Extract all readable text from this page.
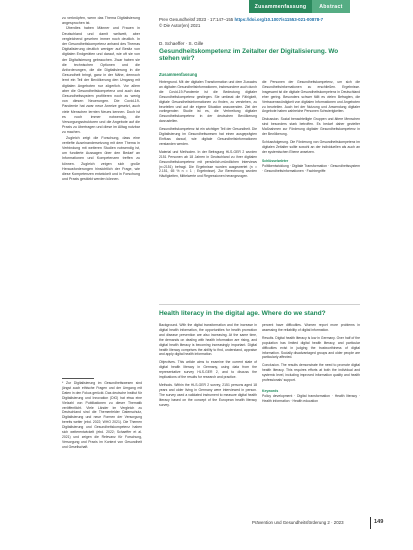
zu verknüpfen, wenn das Thema Digitalisierung angesprochen ist.

Überdies haben Männer und Frauen in Deutschland und damit weltweit, aber vergleichend gesehen immer noch deutlich. In der Gesundheitskompetenz anhand des Themas Digitalisierung deutlich weniger auf Besitz von digitalen Endgeräten und darauf, wie oft sie von der Digitalisierung gebrauchen. Zwar haben sie die technischen Optionen und die Anforderungen, die die Digitalisierung in die Gesundheit bringt, ganz in der Nähe, dennoch lernt ein Teil der Bevölkerung den Umgang mit digitalen Angeboten nur zögerlich. Vor allem aber die Gesundheitskompetenz und auch das Gesundheitssystem profitieren noch zu wenig von diesen Neuerungen. Die Covid-19-Pandemie hat zwar neue Anreize gesetzt, auch viele Menschen lernten Neues kennen. Doch ist es noch immer notwendig, die Versorgungsstrukturen und die Angebote auf die Praxis zu übertragen und diese im Alltag nutzbar zu machen.

Zugleich zeigt die Forschung, dass eine vertiefte Auseinandersetzung mit dem Thema in Verbindung mit weiteren Studien notwendig ist, um fundierte Aussagen über den Bedarf an Informationen und Kompetenzen treffen zu können. Zugleich zeigen sich große Herausforderungen hinsichtlich der Frage, wie diese Kompetenzen entwickelt und in Forschung und Praxis gestärkt werden können.

* Zur Digitalisierung im Gesundheitswesen sind jüngst auch ethische Fragen und der Umgang mit Daten in den Fokus gerückt. Das deutsche Institut für Digitalisierung und Innovation (DIG) hat etwa eine Vielzahl von Publikationen zu dieser Thematik veröffentlicht. Viele Länder im Vergleich zu Deutschland sind die Themenfelder Datenschutz, Digitalisierung und neue Formen der Versorgung bereits weiter (ebd. 2022; WHO 2021). Die Themen Digitalisierung und Gesundheitskompetenz haben sich weiterentwickelt (ebd. 2022; Schaeffer et al. 2021) und zeigen die Relevanz für Forschung, Versorgung und Praxis im Kontext von Gesundheit und Gesellschaft.
Zusammenfassung	Abstract
Prev Gesundheitsf 2023 · 17:147–155 https://doi.org/10.1007/s11553-021-00878-7
© Die Autor(en) 2021
D. Schaeffer · S. Gille
Gesundheitskompetenz im Zeitalter der Digitalisierung. Wo stehen wir?
Zusammenfassung

Hintergrund. Mit der digitalen Transformation und dem Zuwachs an digitalen Gesundheitsinformationen, insbesondere auch durch die Covid-19-Pandemie ist die Bedeutung digitaler Gesundheitskompetenz gestiegen. Sie umfasst die Fähigkeit, digitale Gesundheitsinformationen zu finden, zu verstehen, zu beurteilen und auf die eigene Situation anzuwenden. Ziel der vorliegenden Studie ist es, die Verbreitung digitaler Gesundheitskompetenz in der deutschen Bevölkerung darzustellen.

Gesundheitskompetenz ist ein wichtiger Teil der Gesundheit. Die Digitalisierung im Gesundheitswesen hat einen ausgeprägten Einfluss darauf, wie digitale Gesundheitsinformationen verstanden werden.

Material und Methoden. In der Befragung HLS-GER 2 wurden 2151 Personen ab 18 Jahren in Deutschland zu ihrer digitalen Gesundheitskompetenz mit persönlich-mündlichen Interviews (n=2151) befragt. Die Ergebnisse wurden ausgewertet (n = 2.151, 65 % n = 1 ; Ergebnisse). Zur Berechnung wurden Häufigkeiten, Mittelwerte und Regressionen herangezogen.

die Personen der Gesundheitskompetenz, um sich die Gesundheitsinformationen zu erschließen. Ergebnisse. Insgesamt ist die digitale Gesundheitskompetenz in Deutschland eher gering. Besonders schwer fällt es vielen Befragten, die Vertrauenswürdigkeit von digitalen Informationen und Angeboten zu beurteilen. Auch bei der Nutzung und Anwendung digitaler Angebote haben zahlreiche Personen Schwierigkeiten.

Diskussion. Sozial benachteiligte Gruppen und ältere Menschen sind besonders stark betroffen. Es bedarf daher gezielter Maßnahmen zur Förderung digitaler Gesundheitskompetenz in der Bevölkerung.

Schlussfolgerung. Die Förderung von Gesundheitskompetenz im digitalen Zeitalter sollte sowohl an der individuellen als auch an der systemischen Ebene ansetzen.

Schlüsselwörter
Politikentwicklung · Digitale Transformation · Gesundheitssystem · Gesundheitsinformationen · Fachbegriffe
Health literacy in the digital age. Where do we stand?

Background. With the digital transformation and the increase in digital health information, the opportunities for health promotion and disease prevention are also increasing. At the same time, the demands on dealing with health information are rising, and digital health literacy is becoming increasingly important. Digital health literacy comprises the ability to find, understand, appraise and apply digital health information.

Objectives. This article aims to examine the current state of digital health literacy in Germany, using data from the representative survey HLS-GER 2, and to discuss the implications of the results for research and practice.

Methods. Within the HLS-GER 2 survey, 2151 persons aged 18 years and older living in Germany were interviewed in person. The survey used a validated instrument to measure digital health literacy based on the concept of the European health literacy survey.

percent have difficulties. Women report more problems in assessing the reliability of digital information.

Results. Digital health literacy is low in Germany. Over half of the population has limited digital health literacy, and particular difficulties exist in judging the trustworthiness of digital information. Socially disadvantaged groups and older people are particularly affected.

Conclusion. The results demonstrate the need to promote digital health literacy. This requires efforts at both the individual and systemic level, including improved information quality and health professionals' support.

Keywords
Policy development · Digital transformation · Health literacy · Health information · Health education
Prävention und Gesundheitsförderung 2 · 2023	149
